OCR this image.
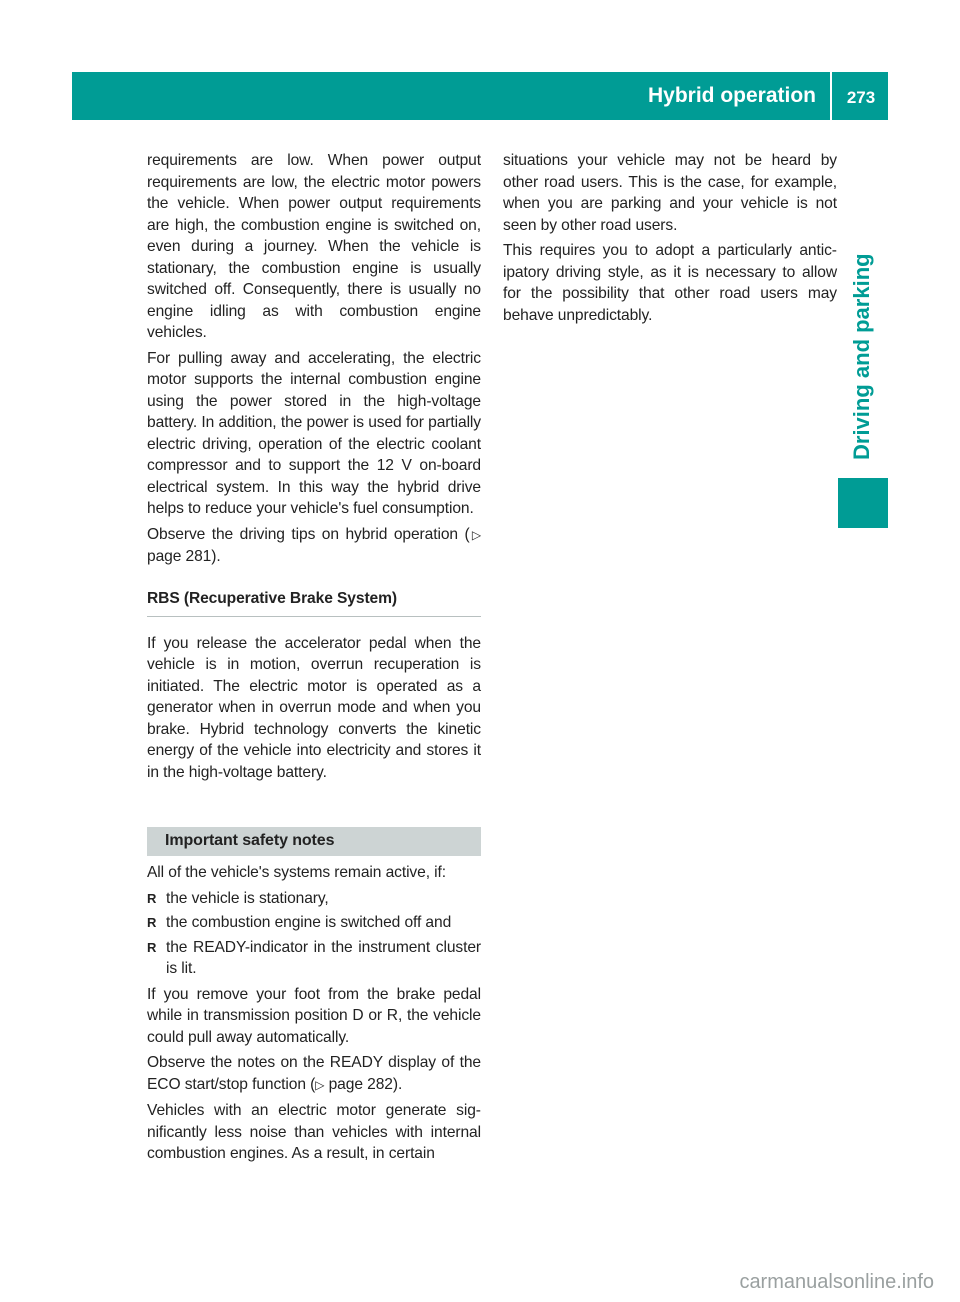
Hybrid operation	273
Driving and parking

requirements are low. When power output requirements are low, the electric motor powers the vehicle. When power output requirements are high, the combustion engine is switched on, even during a journey. When the vehicle is stationary, the combustion engine is usually switched off. Consequently, there is usually no engine idling as with combustion engine vehicles.

For pulling away and accelerating, the electric motor supports the internal combustion engine using the power stored in the high-voltage battery. In addition, the power is used for partially electric driving, operation of the electric coolant compressor and to support the 12 V on-board electrical system. In this way the hybrid drive helps to reduce your vehicle's fuel consumption.

Observe the driving tips on hybrid operation (▷ page 281).

RBS (Recuperative Brake System)

If you release the accelerator pedal when the vehicle is in motion, overrun recuperation is initiated. The electric motor is operated as a generator when in overrun mode and when you brake. Hybrid technology converts the kinetic energy of the vehicle into electricity and stores it in the high-voltage battery.

Important safety notes

All of the vehicle's systems remain active, if:

R the vehicle is stationary,
R the combustion engine is switched off and
R the READY-indicator in the instrument cluster is lit.

If you remove your foot from the brake pedal while in transmission position D or R, the vehicle could pull away automatically.

Observe the notes on the READY display of the ECO start/stop function (▷ page 282).

Vehicles with an electric motor generate significantly less noise than vehicles with internal combustion engines. As a result, in certain

situations your vehicle may not be heard by other road users. This is the case, for example, when you are parking and your vehicle is not seen by other road users.

This requires you to adopt a particularly anticipatory driving style, as it is necessary to allow for the possibility that other road users may behave unpredictably.

carmanualsonline.info
